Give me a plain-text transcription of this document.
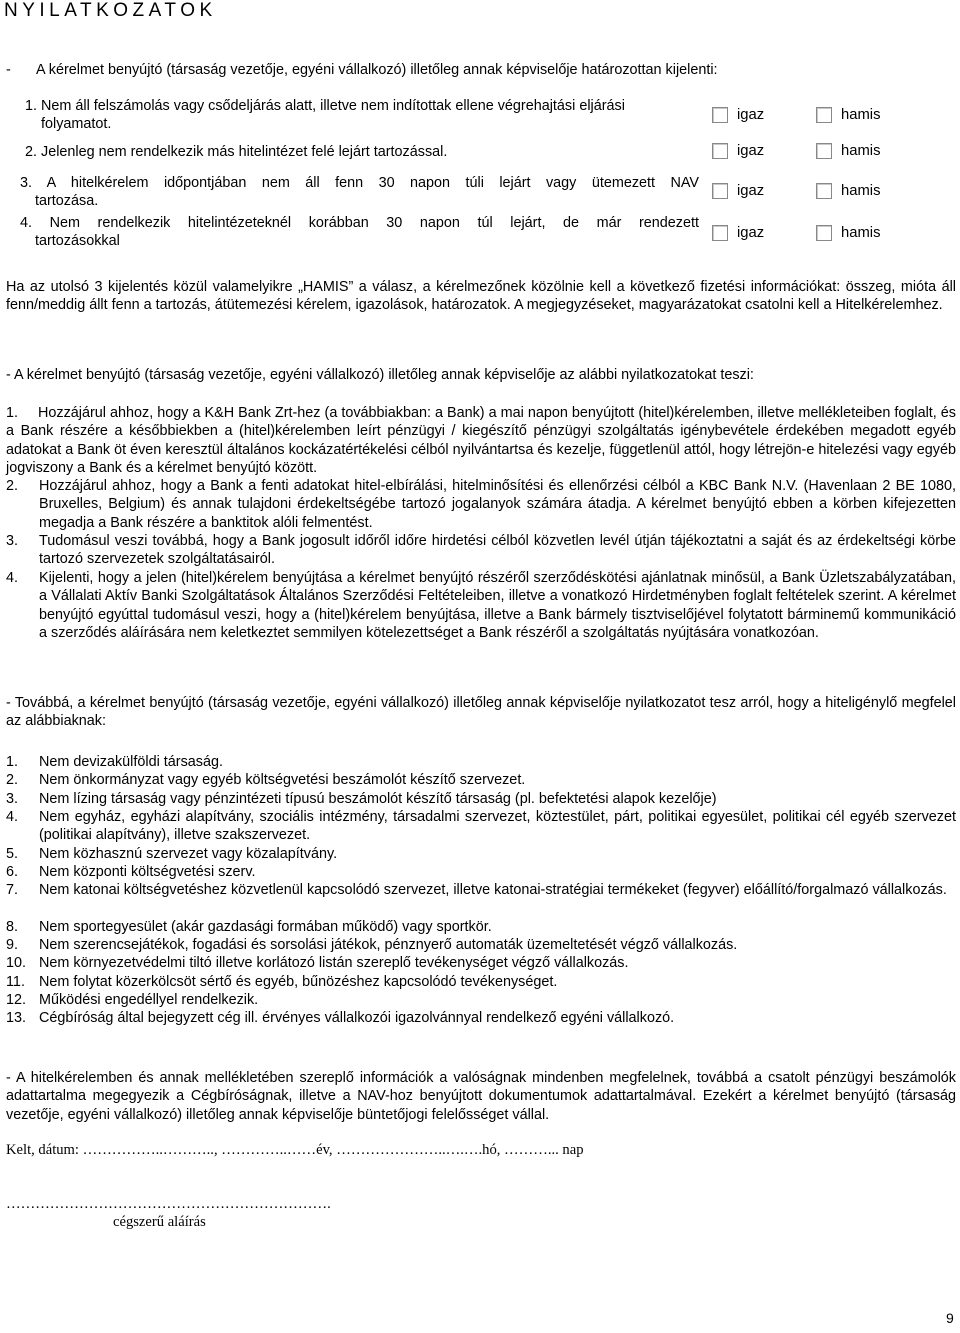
NYILATKOZATOK
- A kérelmet benyújtó (társaság vezetője, egyéni vállalkozó) illetőleg annak képviselője határozottan kijelenti:
1. Nem áll felszámolás vagy csődeljárás alatt, illetve nem indítottak ellene végrehajtási eljárási
folyamatot.
igaz	hamis
2. Jelenleg nem rendelkezik más hitelintézet felé lejárt tartozással.	igaz	hamis
3. A hitelkérelem időpontjában nem áll fenn 30 napon túli lejárt vagy ütemezett NAV
tartozása.
igaz	hamis
4. Nem rendelkezik hitelintézeteknél korábban 30 napon túl lejárt, de már rendezett
tartozásokkal
igaz	hamis
Ha az utolsó 3 kijelentés közül valamelyikre „HAMIS” a válasz, a kérelmezőnek közölnie kell a következő fizetési információkat: összeg, mióta áll fenn/meddig állt fenn a tartozás, átütemezési kérelem, igazolások, határozatok. A megjegyzéseket, magyarázatokat csatolni kell a Hitelkérelemhez.
- A kérelmet benyújtó (társaság vezetője, egyéni vállalkozó) illetőleg annak képviselője az alábbi nyilatkozatokat teszi:
1.	Hozzájárul ahhoz, hogy a K&H Bank Zrt-hez (a továbbiakban: a Bank) a mai napon benyújtott (hitel)kérelemben, illetve mellékleteiben foglalt, és a Bank részére a későbbiekben a (hitel)kérelemben leírt pénzügyi / kiegészítő pénzügyi szolgáltatás igénybevétele érdekében megadott egyéb adatokat a Bank öt éven keresztül általános kockázatértékelési célból nyilvántartsa és kezelje, függetlenül attól, hogy létrejön-e hitelezési vagy egyéb jogviszony a Bank és a kérelmet benyújtó között.
2. Hozzájárul ahhoz, hogy a Bank a fenti adatokat hitel-elbírálási, hitelminősítési és ellenőrzési célból a KBC Bank N.V. (Havenlaan 2 BE 1080, Bruxelles, Belgium) és annak tulajdoni érdekeltségébe tartozó jogalanyok számára átadja. A kérelmet benyújtó ebben a körben kifejezetten megadja a Bank részére a banktitok alóli felmentést.
3. Tudomásul veszi továbbá, hogy a Bank jogosult időről időre hirdetési célból közvetlen levél útján tájékoztatni a saját és az érdekeltségi körbe tartozó szervezetek szolgáltatásairól.
4. Kijelenti, hogy a jelen (hitel)kérelem benyújtása a kérelmet benyújtó részéről szerződéskötési ajánlatnak minősül, a Bank Üzletszabályzatában, a Vállalati Aktív Banki Szolgáltatások Általános Szerződési Feltételeiben, illetve a vonatkozó Hirdetményben foglalt feltételek szerint. A kérelmet benyújtó egyúttal tudomásul veszi, hogy a (hitel)kérelem benyújtása, illetve a Bank bármely tisztviselőjével folytatott bárminemű kommunikáció a szerződés aláírására nem keletkeztet semmilyen kötelezettséget a Bank részéről a szolgáltatás nyújtására vonatkozóan.
- Továbbá, a kérelmet benyújtó (társaság vezetője, egyéni vállalkozó) illetőleg annak képviselője nyilatkozatot tesz arról, hogy a hiteligénylő megfelel az alábbiaknak:
1. Nem devizakülföldi társaság.
2. Nem önkormányzat vagy egyéb költségvetési beszámolót készítő szervezet.
3. Nem lízing társaság vagy pénzintézeti típusú beszámolót készítő társaság (pl. befektetési alapok kezelője)
4. Nem egyház, egyházi alapítvány, szociális intézmény, társadalmi szervezet, köztestület, párt, politikai egyesület, politikai cél egyéb szervezet (politikai alapítvány), illetve szakszervezet.
5. Nem közhasznú szervezet vagy közalapítvány.
6. Nem központi költségvetési szerv.
7. Nem katonai költségvetéshez közvetlenül kapcsolódó szervezet, illetve katonai-stratégiai termékeket (fegyver) előállító/forgalmazó vállalkozás.
8. Nem sportegyesület (akár gazdasági formában működő) vagy sportkör.
9. Nem szerencsejátékok, fogadási és sorsolási játékok, pénznyerő automaták üzemeltetését végző vállalkozás.
10. Nem környezetvédelmi tiltó illetve korlátozó listán szereplő tevékenységet végző vállalkozás.
11. Nem folytat közerkölcsöt sértő és egyéb, bűnözéshez kapcsolódó tevékenységet.
12. Működési engedéllyel rendelkezik.
13. Cégbíróság által bejegyzett cég ill. érvényes vállalkozói igazolvánnyal rendelkező egyéni vállalkozó.
- A hitelkérelemben és annak mellékletében szereplő információk a valóságnak mindenben megfelelnek, továbbá a csatolt pénzügyi beszámolók adattartalma megegyezik a Cégbíróságnak, illetve a NAV-hoz benyújtott dokumentumok adattartalmával. Ezekért a kérelmet benyújtó (társaság vezetője, egyéni vállalkozó) illetőleg annak képviselője büntetőjogi felelősséget vállal.
Kelt, dátum: ……………..……….., …………..……év, …………………..….….hó, ………... nap
………………………………………………………….
cégszerű aláírás
9
